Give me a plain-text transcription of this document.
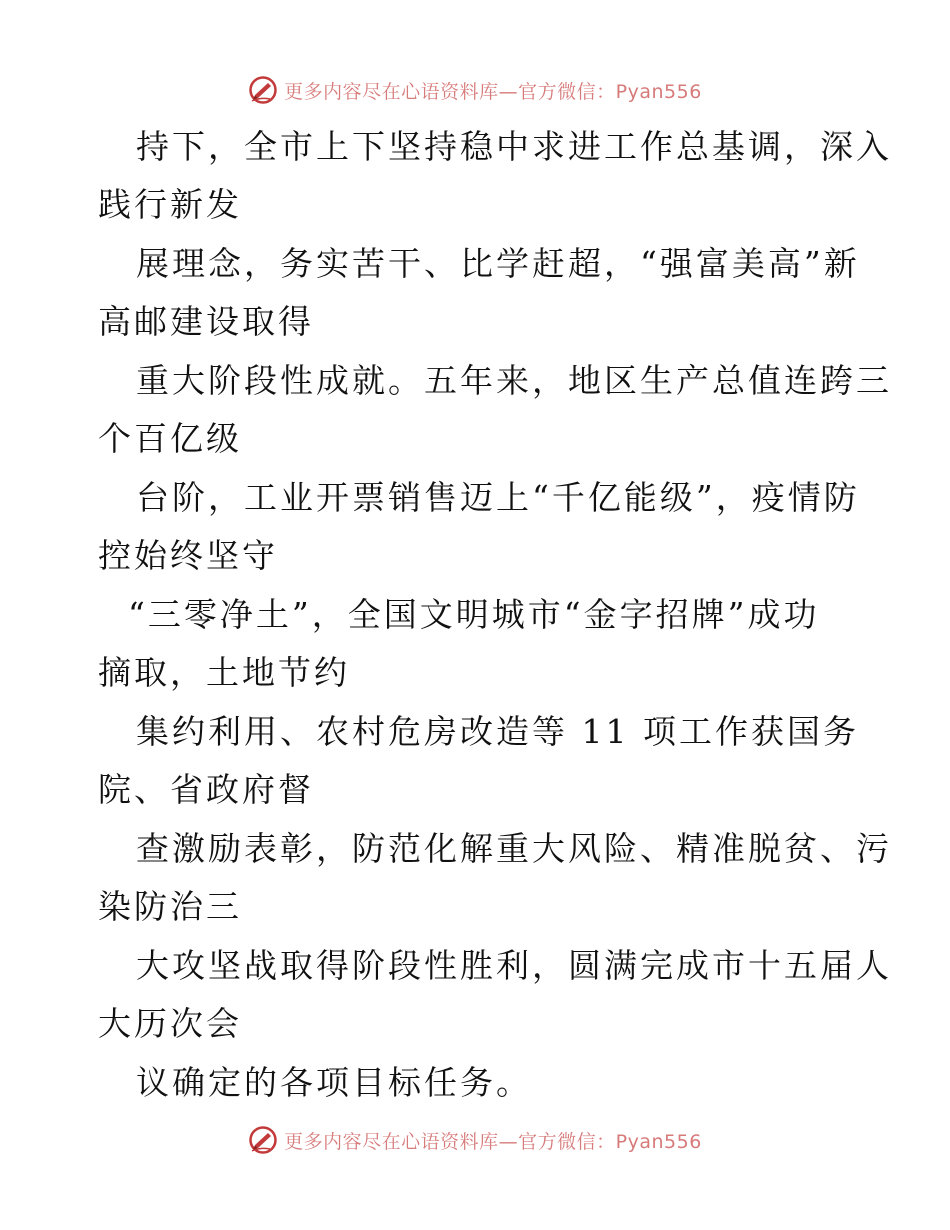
更多内容尽在心语资料库—官方微信：Pyan556
持下，全市上下坚持稳中求进工作总基调，深入
践行新发
展理念，务实苦干、比学赶超，“强富美高”新
高邮建设取得
重大阶段性成就。五年来，地区生产总值连跨三
个百亿级
台阶，工业开票销售迈上“千亿能级”，疫情防
控始终坚守
“三零净土”，全国文明城市“金字招牌”成功
摘取，土地节约
集约利用、农村危房改造等 11 项工作获国务
院、省政府督
查激励表彰，防范化解重大风险、精准脱贫、污
染防治三
大攻坚战取得阶段性胜利，圆满完成市十五届人
大历次会
议确定的各项目标任务。
更多内容尽在心语资料库—官方微信：Pyan556
